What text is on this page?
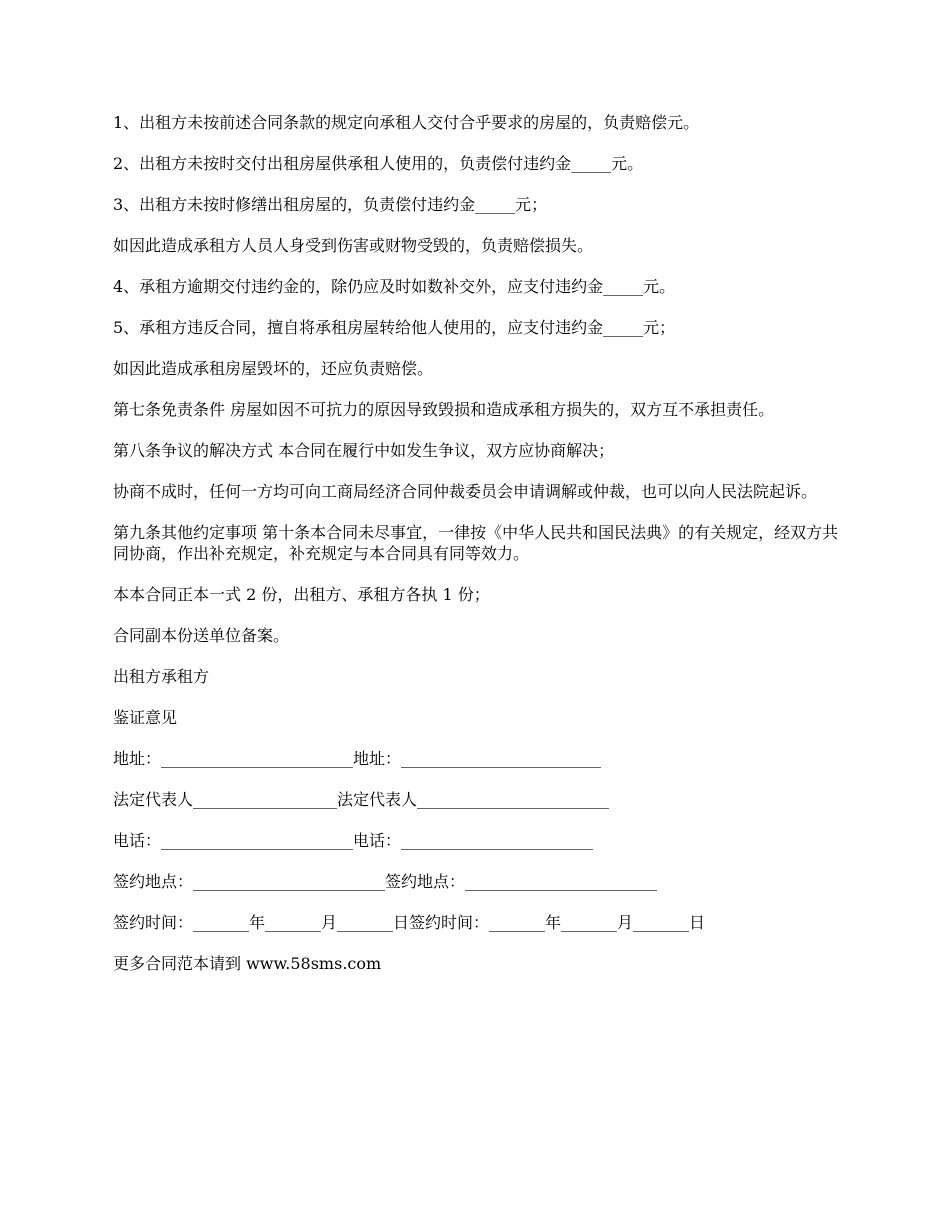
1、出租方未按前述合同条款的规定向承租人交付合乎要求的房屋的，负责赔偿元。

2、出租方未按时交付出租房屋供承租人使用的，负责偿付违约金_____元。

3、出租方未按时修缮出租房屋的，负责偿付违约金_____元；

如因此造成承租方人员人身受到伤害或财物受毁的，负责赔偿损失。

4、承租方逾期交付违约金的，除仍应及时如数补交外，应支付违约金_____元。

5、承租方违反合同，擅自将承租房屋转给他人使用的，应支付违约金_____元；

如因此造成承租房屋毁坏的，还应负责赔偿。

第七条免责条件 房屋如因不可抗力的原因导致毁损和造成承租方损失的，双方互不承担责任。

第八条争议的解决方式 本合同在履行中如发生争议，双方应协商解决；

协商不成时，任何一方均可向工商局经济合同仲裁委员会申请调解或仲裁，也可以向人民法院起诉。

第九条其他约定事项 第十条本合同未尽事宜，一律按《中华人民共和国民法典》的有关规定，经双方共同协商，作出补充规定，补充规定与本合同具有同等效力。

本本合同正本一式 2 份，出租方、承租方各执 1 份；

合同副本份送单位备案。

出租方承租方

鉴证意见

地址：________________________地址：_________________________

法定代表人__________________法定代表人________________________

电话：________________________电话：________________________

签约地点：________________________签约地点：________________________

签约时间：_______年_______月_______日签约时间：_______年_______月_______日

更多合同范本请到 www.58sms.com
